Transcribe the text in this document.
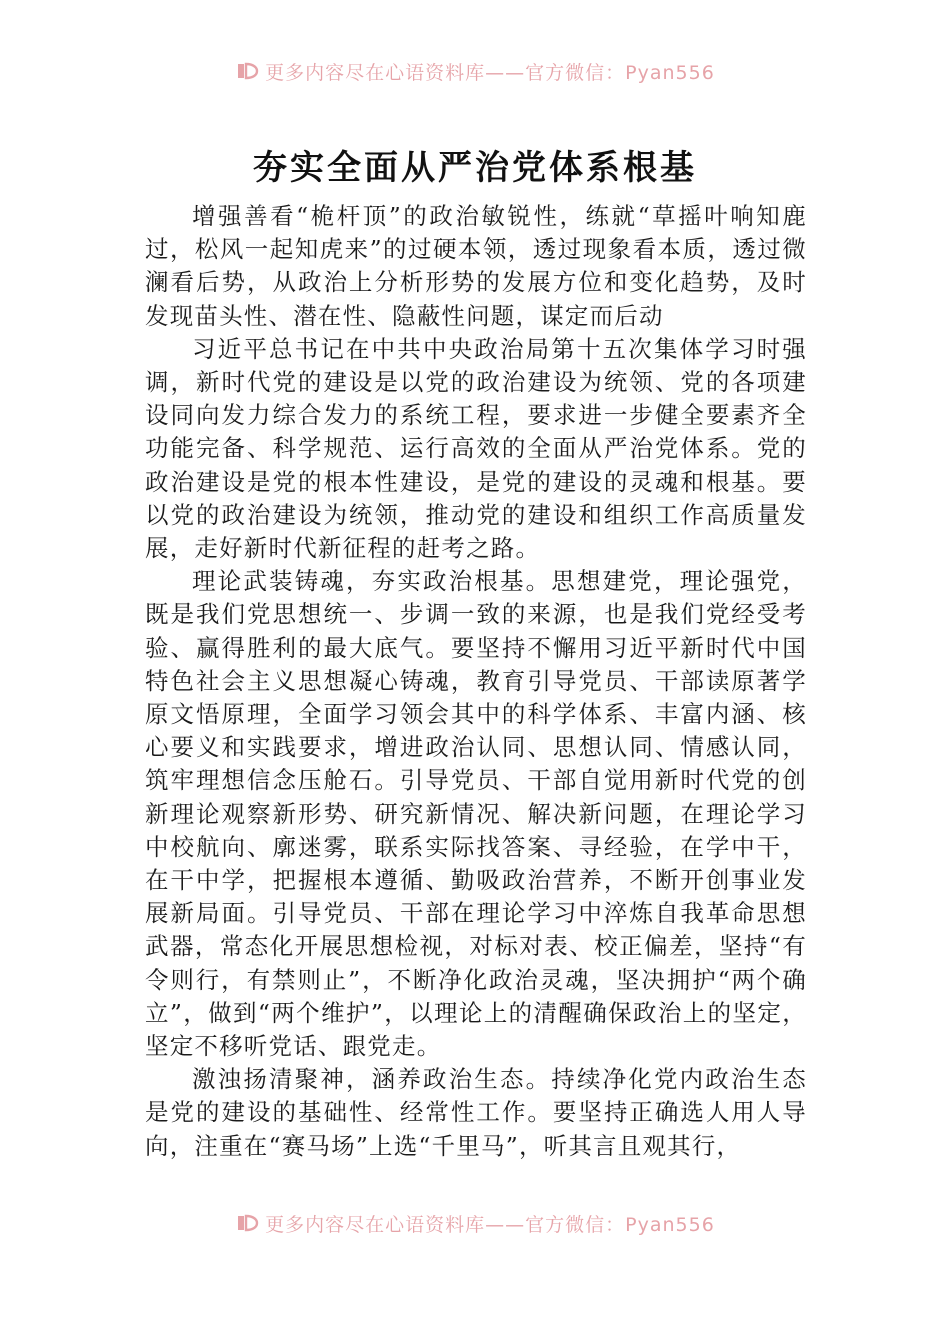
更多内容尽在心语资料库——官方微信：Pyan556
夯实全面从严治党体系根基

增强善看“桅杆顶”的政治敏锐性，练就“草摇叶响知鹿过，松风一起知虎来”的过硬本领，透过现象看本质，透过微澜看后势，从政治上分析形势的发展方位和变化趋势，及时发现苗头性、潜在性、隐蔽性问题，谋定而后动

习近平总书记在中共中央政治局第十五次集体学习时强调，新时代党的建设是以党的政治建设为统领、党的各项建设同向发力综合发力的系统工程，要求进一步健全要素齐全功能完备、科学规范、运行高效的全面从严治党体系。党的政治建设是党的根本性建设，是党的建设的灵魂和根基。要以党的政治建设为统领，推动党的建设和组织工作高质量发展，走好新时代新征程的赶考之路。

理论武装铸魂，夯实政治根基。思想建党，理论强党，既是我们党思想统一、步调一致的来源，也是我们党经受考验、赢得胜利的最大底气。要坚持不懈用习近平新时代中国特色社会主义思想凝心铸魂，教育引导党员、干部读原著学原文悟原理，全面学习领会其中的科学体系、丰富内涵、核心要义和实践要求，增进政治认同、思想认同、情感认同，筑牢理想信念压舱石。引导党员、干部自觉用新时代党的创新理论观察新形势、研究新情况、解决新问题，在理论学习中校航向、廓迷雾，联系实际找答案、寻经验，在学中干，在干中学，把握根本遵循、勤吸政治营养，不断开创事业发展新局面。引导党员、干部在理论学习中淬炼自我革命思想武器，常态化开展思想检视，对标对表、校正偏差，坚持“有令则行，有禁则止”，不断净化政治灵魂，坚决拥护“两个确立”，做到“两个维护”，以理论上的清醒确保政治上的坚定，坚定不移听党话、跟党走。

激浊扬清聚神，涵养政治生态。持续净化党内政治生态是党的建设的基础性、经常性工作。要坚持正确选人用人导向，注重在“赛马场”上选“千里马”，听其言且观其行，

更多内容尽在心语资料库——官方微信：Pyan556
